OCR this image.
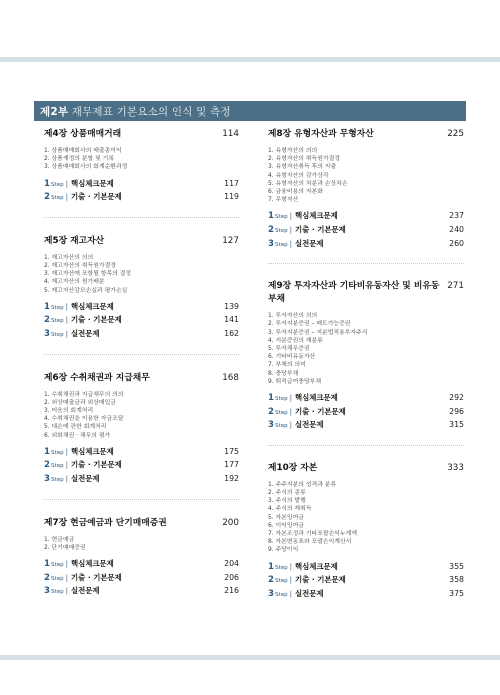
제2부 재무제표 기본요소의 인식 및 측정
제4장 상품매매거래	114
1. 상품매매회사의 매출총이익
2. 상품계정의 분할 및 기록
3. 상품매매회사의 회계순환과정
1 Step | 핵심체크문제	117
2 Step | 기출 · 기본문제	119
제5장 재고자산	127
1. 재고자산의 의의
2. 재고자산의 취득원가결정
3. 재고자산에 포함될 항목의 결정
4. 재고자산의 원가배분
5. 재고자산감모손실과 평가손실
1 Step | 핵심체크문제	139
2 Step | 기출 · 기본문제	141
3 Step | 실전문제	162
제6장 수취채권과 지급채무	168
1. 수취채권과 지급채무의 의의
2. 외상매출금과 외상매입금
3. 어음의 회계처리
4. 수취채권을 이용한 자금조달
5. 대손에 관한 회계처리
6. 외화채권 · 채무의 평가
1 Step | 핵심체크문제	175
2 Step | 기출 · 기본문제	177
3 Step | 실전문제	192
제7장 현금예금과 단기매매증권	200
1. 현금예금
2. 단기매매증권
1 Step | 핵심체크문제	204
2 Step | 기출 · 기본문제	206
3 Step | 실전문제	216
제8장 유형자산과 무형자산	225
1. 유형자산의 의의
2. 유형자산의 취득원가결정
3. 유형자산취득 후의 지출
4. 유형자산의 감가상각
5. 유형자산의 처분과 손상차손
6. 금융비용의 자본화
7. 무형자산
1 Step | 핵심체크문제	237
2 Step | 기출 · 기본문제	240
3 Step | 실전문제	260
제9장 투자자산과 기타비유동자산 및 비유동부채
271
1. 투자자산의 의의
2. 투자지분증권 – 매도가능증권
3. 투자지분증권 – 지분법적용투자주식
4. 지분증권의 재분류
5. 투자채무증권
6. 기타비유동자산
7. 부채의 의미
8. 충당부채
9. 퇴직급여충당부채
1 Step | 핵심체크문제	292
2 Step | 기출 · 기본문제	296
3 Step | 실전문제	315
제10장 자본	333
1. 주주지분의 성격과 분류
2. 주식의 종류
3. 주식의 발행
4. 주식의 재취득
5. 자본잉여금
6. 이익잉여금
7. 자본조정과 기타포괄손익누계액
8. 자본변동표와 포괄손익계산서
9. 주당이익
1 Step | 핵심체크문제	355
2 Step | 기출 · 기본문제	358
3 Step | 실전문제	375
